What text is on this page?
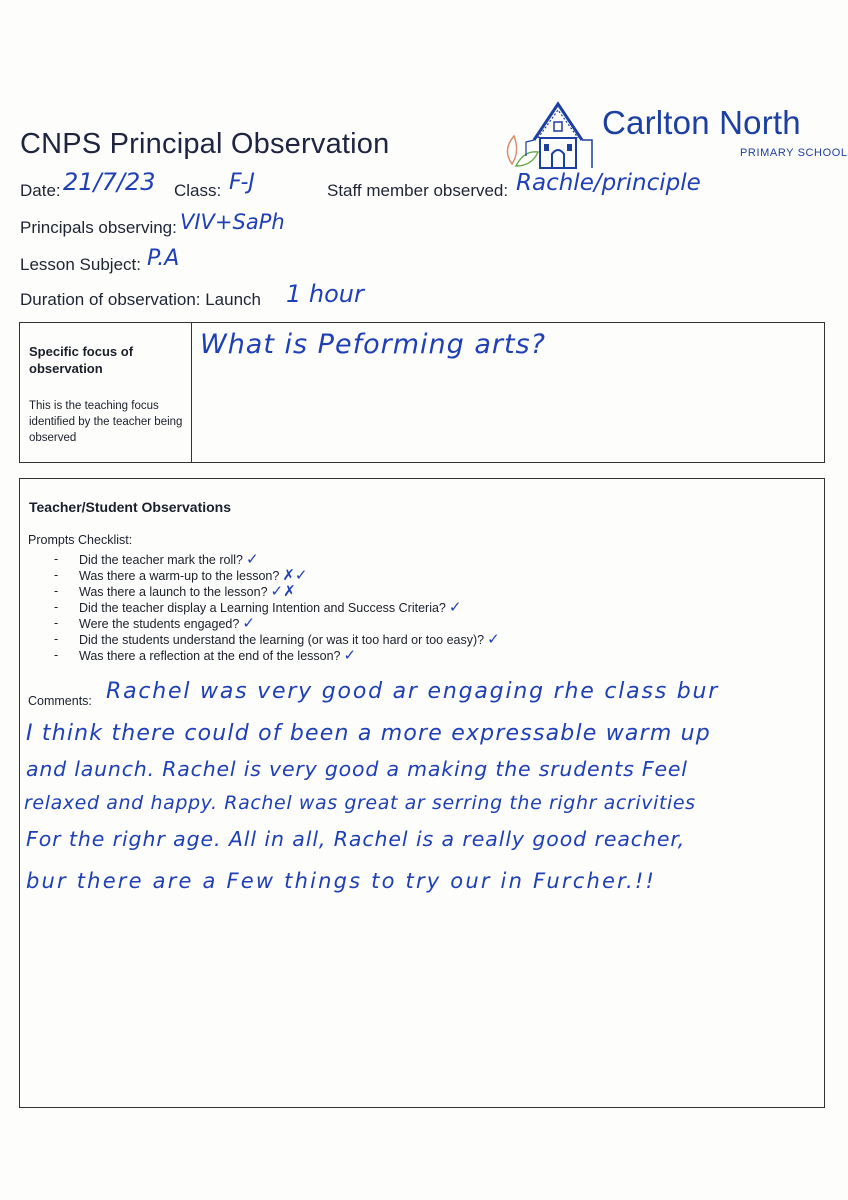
CNPS Principal Observation
Carlton North
PRIMARY SCHOOL
Date: 21/7/23 Class: F-J	Staff member observed: Rachle/principle
Principals observing: VIV+SaPh
Lesson Subject: P.A
Duration of observation: Launch 1 hour
Specific focus of observation
This is the teaching focus identified by the teacher being observed
What is Peforming arts?
Teacher/Student Observations
Prompts Checklist:
- Did the teacher mark the roll? ✓
- Was there a warm-up to the lesson? ✗✓
- Was there a launch to the lesson? ✓✗
- Did the teacher display a Learning Intention and Success Criteria? ✓
- Were the students engaged? ✓
- Did the students understand the learning (or was it too hard or too easy)? ✓
- Was there a reflection at the end of the lesson? ✓
Comments: Rachel was very good ar engaging rhe class bur
I think there could of been a more expressable warm up
and launch. Rachel is very good a making the srudents Feel
relaxed and happy. Rachel was great ar serring the righr acrivities
For the righr age. All in all, Rachel is a really good reacher,
bur there are a Few things to try our in Furcher.!!
